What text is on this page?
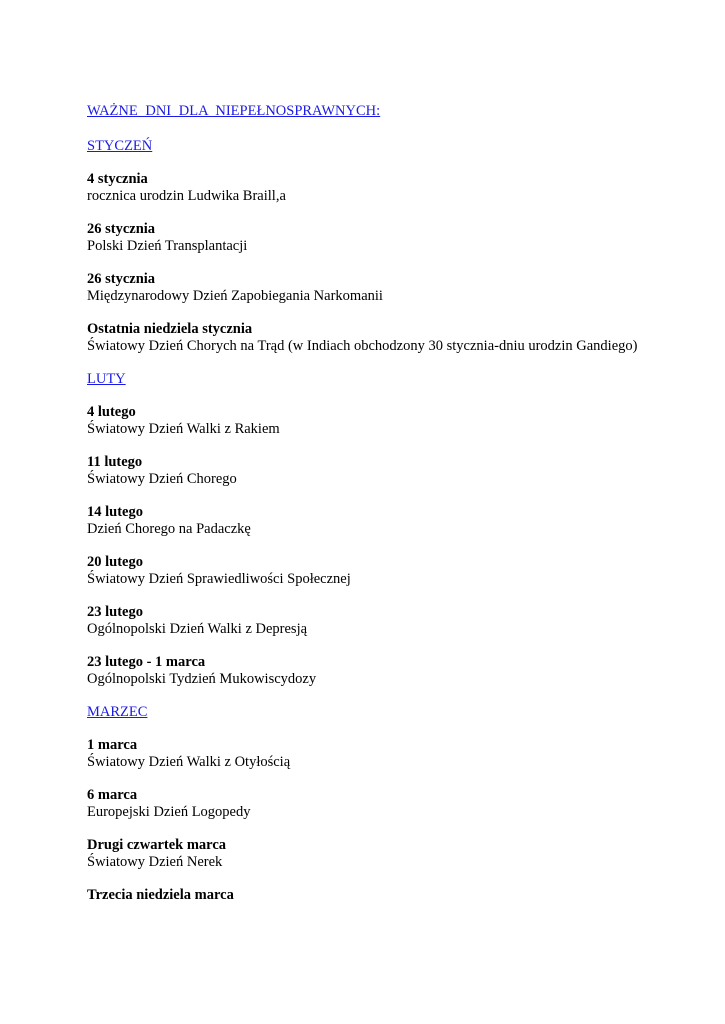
WAŻNE DNI DLA NIEPEŁNOSPRAWNYCH:
STYCZEŃ
4 stycznia
rocznica urodzin Ludwika Braill,a
26 stycznia
Polski Dzień Transplantacji
26 stycznia
Międzynarodowy Dzień Zapobiegania Narkomanii
Ostatnia niedziela stycznia
Światowy Dzień Chorych na Trąd (w Indiach obchodzony 30 stycznia-dniu urodzin Gandiego)
LUTY
4 lutego
Światowy Dzień Walki z Rakiem
11 lutego
Światowy Dzień Chorego
14 lutego
Dzień Chorego na Padaczkę
20 lutego
Światowy Dzień Sprawiedliwości Społecznej
23 lutego
Ogólnopolski Dzień Walki z Depresją
23 lutego - 1 marca
Ogólnopolski Tydzień Mukowiscydozy
MARZEC
1 marca
Światowy Dzień Walki z Otyłością
6 marca
Europejski Dzień Logopedy
Drugi czwartek marca
Światowy Dzień Nerek
Trzecia niedziela marca
